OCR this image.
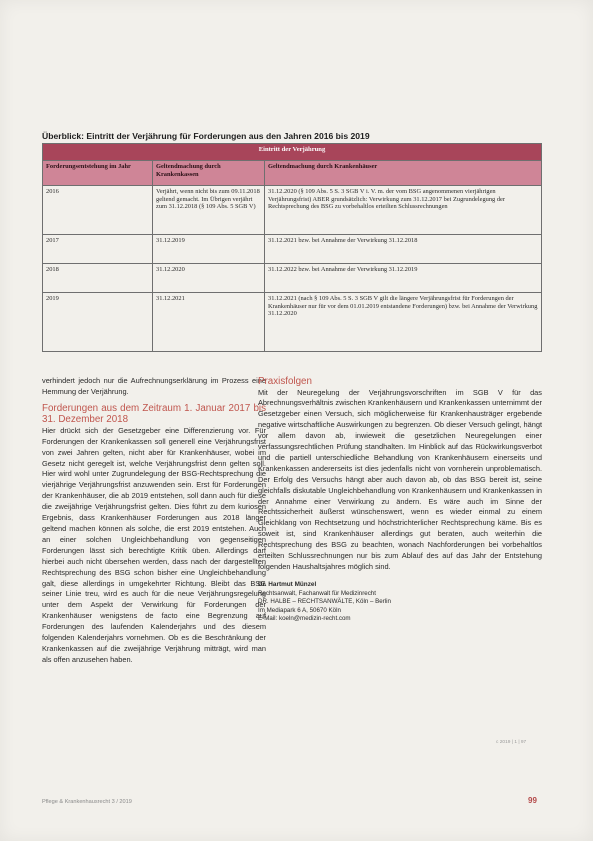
Überblick: Eintritt der Verjährung für Forderungen aus den Jahren 2016 bis 2019
Eintritt der Verjährung		
Forderungsentstehung im Jahr	Geltendmachung durch Krankenkassen	Geltendmachung durch Krankenhäuser
2016	Verjährt, wenn nicht bis zum 09.11.2018 geltend gemacht. Im Übrigen verjährt zum 31.12.2018 (§ 109 Abs. 5 SGB V)	31.12.2020 (§ 109 Abs. 5 S. 3 SGB V i. V. m. der vom BSG angenommenen vierjährigen Verjährungsfrist) ABER grundsätzlich: Verwirkung zum 31.12.2017 bei Zugrundelegung der Rechtsprechung des BSG zu vorbehaltlos erteilten Schlussrechnungen
2017	31.12.2019	31.12.2021 bzw. bei Annahme der Verwirkung 31.12.2018
2018	31.12.2020	31.12.2022 bzw. bei Annahme der Verwirkung 31.12.2019
2019	31.12.2021	31.12.2021 (nach § 109 Abs. 5 S. 3 SGB V gilt die längere Verjährungsfrist für Forderungen der Krankenhäuser nur für vor dem 01.01.2019 entstandene Forderungen) bzw. bei Annahme der Verwirkung 31.12.2020

verhindert jedoch nur die Aufrechnungserklärung im Prozess eine Hemmung der Verjährung.

Forderungen aus dem Zeitraum 1. Januar 2017 bis 31. Dezember 2018

Hier drückt sich der Gesetzgeber eine Differenzierung vor. Für Forderungen der Krankenkassen soll generell eine Verjährungsfrist von zwei Jahren gelten, nicht aber für Krankenhäuser, wobei im Gesetz nicht geregelt ist, welche Verjährungsfrist denn gelten soll. Hier wird wohl unter Zugrundelegung der BSG-Rechtsprechung die vierjährige Verjährungsfrist anzuwenden sein. Erst für Forderungen der Krankenhäuser, die ab 2019 entstehen, soll dann auch für diese die zweijährige Verjährungsfrist gelten. Dies führt zu dem kuriosen Ergebnis, dass Krankenhäuser Forderungen aus 2018 länger geltend machen können als solche, die erst 2019 entstehen. Auch an einer solchen Ungleichbehandlung von gegenseitigen Forderungen lässt sich berechtigte Kritik üben. Allerdings darf hierbei auch nicht übersehen werden, dass nach der dargestellten Rechtsprechung des BSG schon bisher eine Ungleichbehandlung galt, diese allerdings in umgekehrter Richtung. Bleibt das BSG seiner Linie treu, wird es auch für die neue Verjährungsregelung unter dem Aspekt der Verwirkung für Forderungen der Krankenhäuser wenigstens de facto eine Begrenzung auf Forderungen des laufenden Kalenderjahrs und des diesem folgenden Kalenderjahrs vornehmen. Ob es die Beschränkung der Krankenkassen auf die zweijährige Verjährung mitträgt, wird man als offen anzusehen haben.

Praxisfolgen

Mit der Neuregelung der Verjährungsvorschriften im SGB V für das Abrechnungsverhältnis zwischen Krankenhäusern und Krankenkassen unternimmt der Gesetzgeber einen Versuch, sich möglicherweise für Krankenhausträger ergebende negative wirtschaftliche Auswirkungen zu begrenzen. Ob dieser Versuch gelingt, hängt vor allem davon ab, inwieweit die gesetzlichen Neuregelungen einer verfassungsrechtlichen Prüfung standhalten. Im Hinblick auf das Rückwirkungsverbot und die partiell unterschiedliche Behandlung von Krankenhäusern einerseits und Krankenkassen andererseits ist dies jedenfalls nicht von vornherein unproblematisch. Der Erfolg des Versuchs hängt aber auch davon ab, ob das BSG bereit ist, seine gleichfalls diskutable Ungleichbehandlung von Krankenhäusern und Krankenkassen in der Annahme einer Verwirkung zu ändern. Es wäre auch im Sinne der Rechtssicherheit äußerst wünschenswert, wenn es wieder einmal zu einem Gleichklang von Rechtsetzung und höchstrichterlicher Rechtsprechung käme. Bis es soweit ist, sind Krankenhäuser allerdings gut beraten, auch weiterhin die Rechtsprechung des BSG zu beachten, wonach Nachforderungen bei vorbehaltlos erteilten Schlussrechnungen nur bis zum Ablauf des auf das Jahr der Entstehung folgenden Haushaltsjahres möglich sind.

Dr. Hartmut Münzel
Rechtsanwalt, Fachanwalt für Medizinrecht
DR. HALBE – RECHTSANWÄLTE, Köln – Berlin
Im Mediapark 6 A, 50670 Köln
E-Mail: koeln@medizin-recht.com
c 2019 | 1 | 97
Pflege & Krankenhausrecht 3 / 2019	99
